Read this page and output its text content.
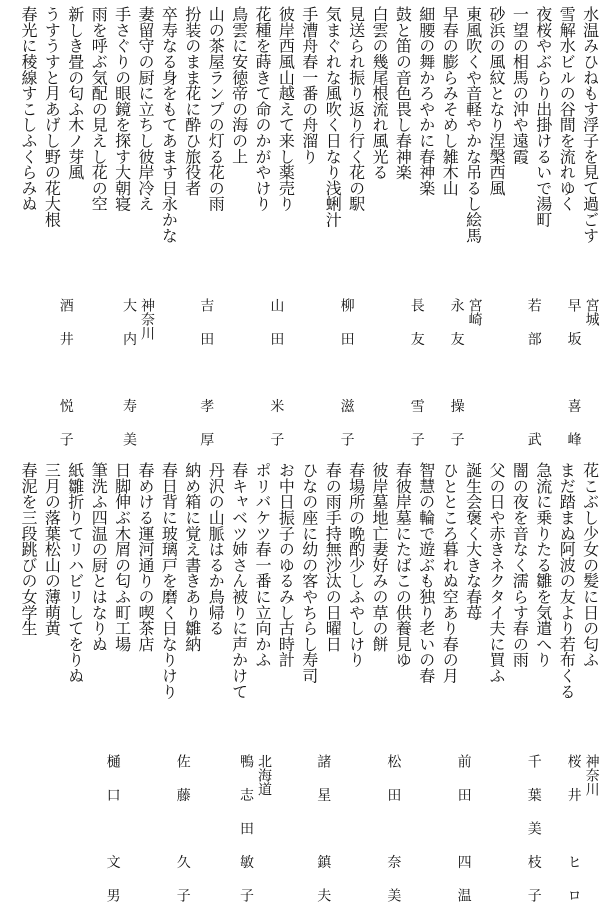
水温みひねもす浮子を見て過ごす
宮城
早坂　喜峰
雪解水ビルの谷間を流れゆく
夜桜やぶらり出掛けるいで湯町
若部　　武
一望の相馬の沖や遠霞
砂浜の風紋となり涅槃西風
東風吹くや音軽やかな吊るし絵馬
宮崎
永友　操子
早春の膨らみそめし雑木山
細腰の舞かろやかに春神楽
長友　雪子
鼓と笛の音色畏し春神楽
白雲の幾尾根流れ風光る
見送られ振り返り行く花の駅
柳田　滋子
気まぐれな風吹く日なり浅蜊汁
手漕舟春一番の舟溜り
彼岸西風山越えて来し薬売り
山田　米子
花種を蒔きて命のかがやけり
鳥雲に安徳帝の海の上
山の茶屋ランプの灯る花の雨
吉田　孝厚
扮装のまま花に酔ひ旅役者
卒寿なる身をもてあます日永かな
妻留守の厨に立ちし彼岸冷え
神奈川
大内　寿美
手さぐりの眼鏡を探す大朝寝
雨を呼ぶ気配の見えし花の空
新しき畳の匂ふ木ノ芽風
酒井　悦子
うすうすと月あげし野の花大根
春光に稜線すこしふくらみぬ
花こぶし少女の髪に日の匂ふ
神奈川
桜井　ヒロ
まだ踏まぬ阿波の友より若布くる
急流に乗りたる雛を気遣へり
千葉美枝子
闇の夜を音なく濡らす春の雨
父の日や赤きネクタイ夫に買ふ
誕生会褒く大きな春苺
前田　四温
ひとところ暮れぬ空あり春の月
智慧の輪で遊ぶも独り老いの春
春彼岸墓にたばこの供養見ゆ
松田　奈美
彼岸墓地亡妻好みの草の餅
春場所の晩酌少しふやしけり
春の雨手持無沙汰の日曜日
諸星　鎮夫
ひなの座に幼の客やちらし寿司
お中日振子のゆるみし古時計
ポリバケツ春一番に立向かふ
北海道
鴨志田敏子
春キャベツ姉さん被りに声かけて
丹沢の山脈はるか鳥帰る
納め箱に覚え書きあり雛納
佐藤　久子
春日背に玻璃戸を磨く日なりけり
春めける運河通りの喫茶店
日脚伸ぶ木屑の匂ふ町工場
樋口　文男
筆洗ふ四温の厨とはなりぬ
紙雛折りてリハビリしてをりぬ
三月の落葉松山の薄萌黄
春泥を三段跳びの女学生
